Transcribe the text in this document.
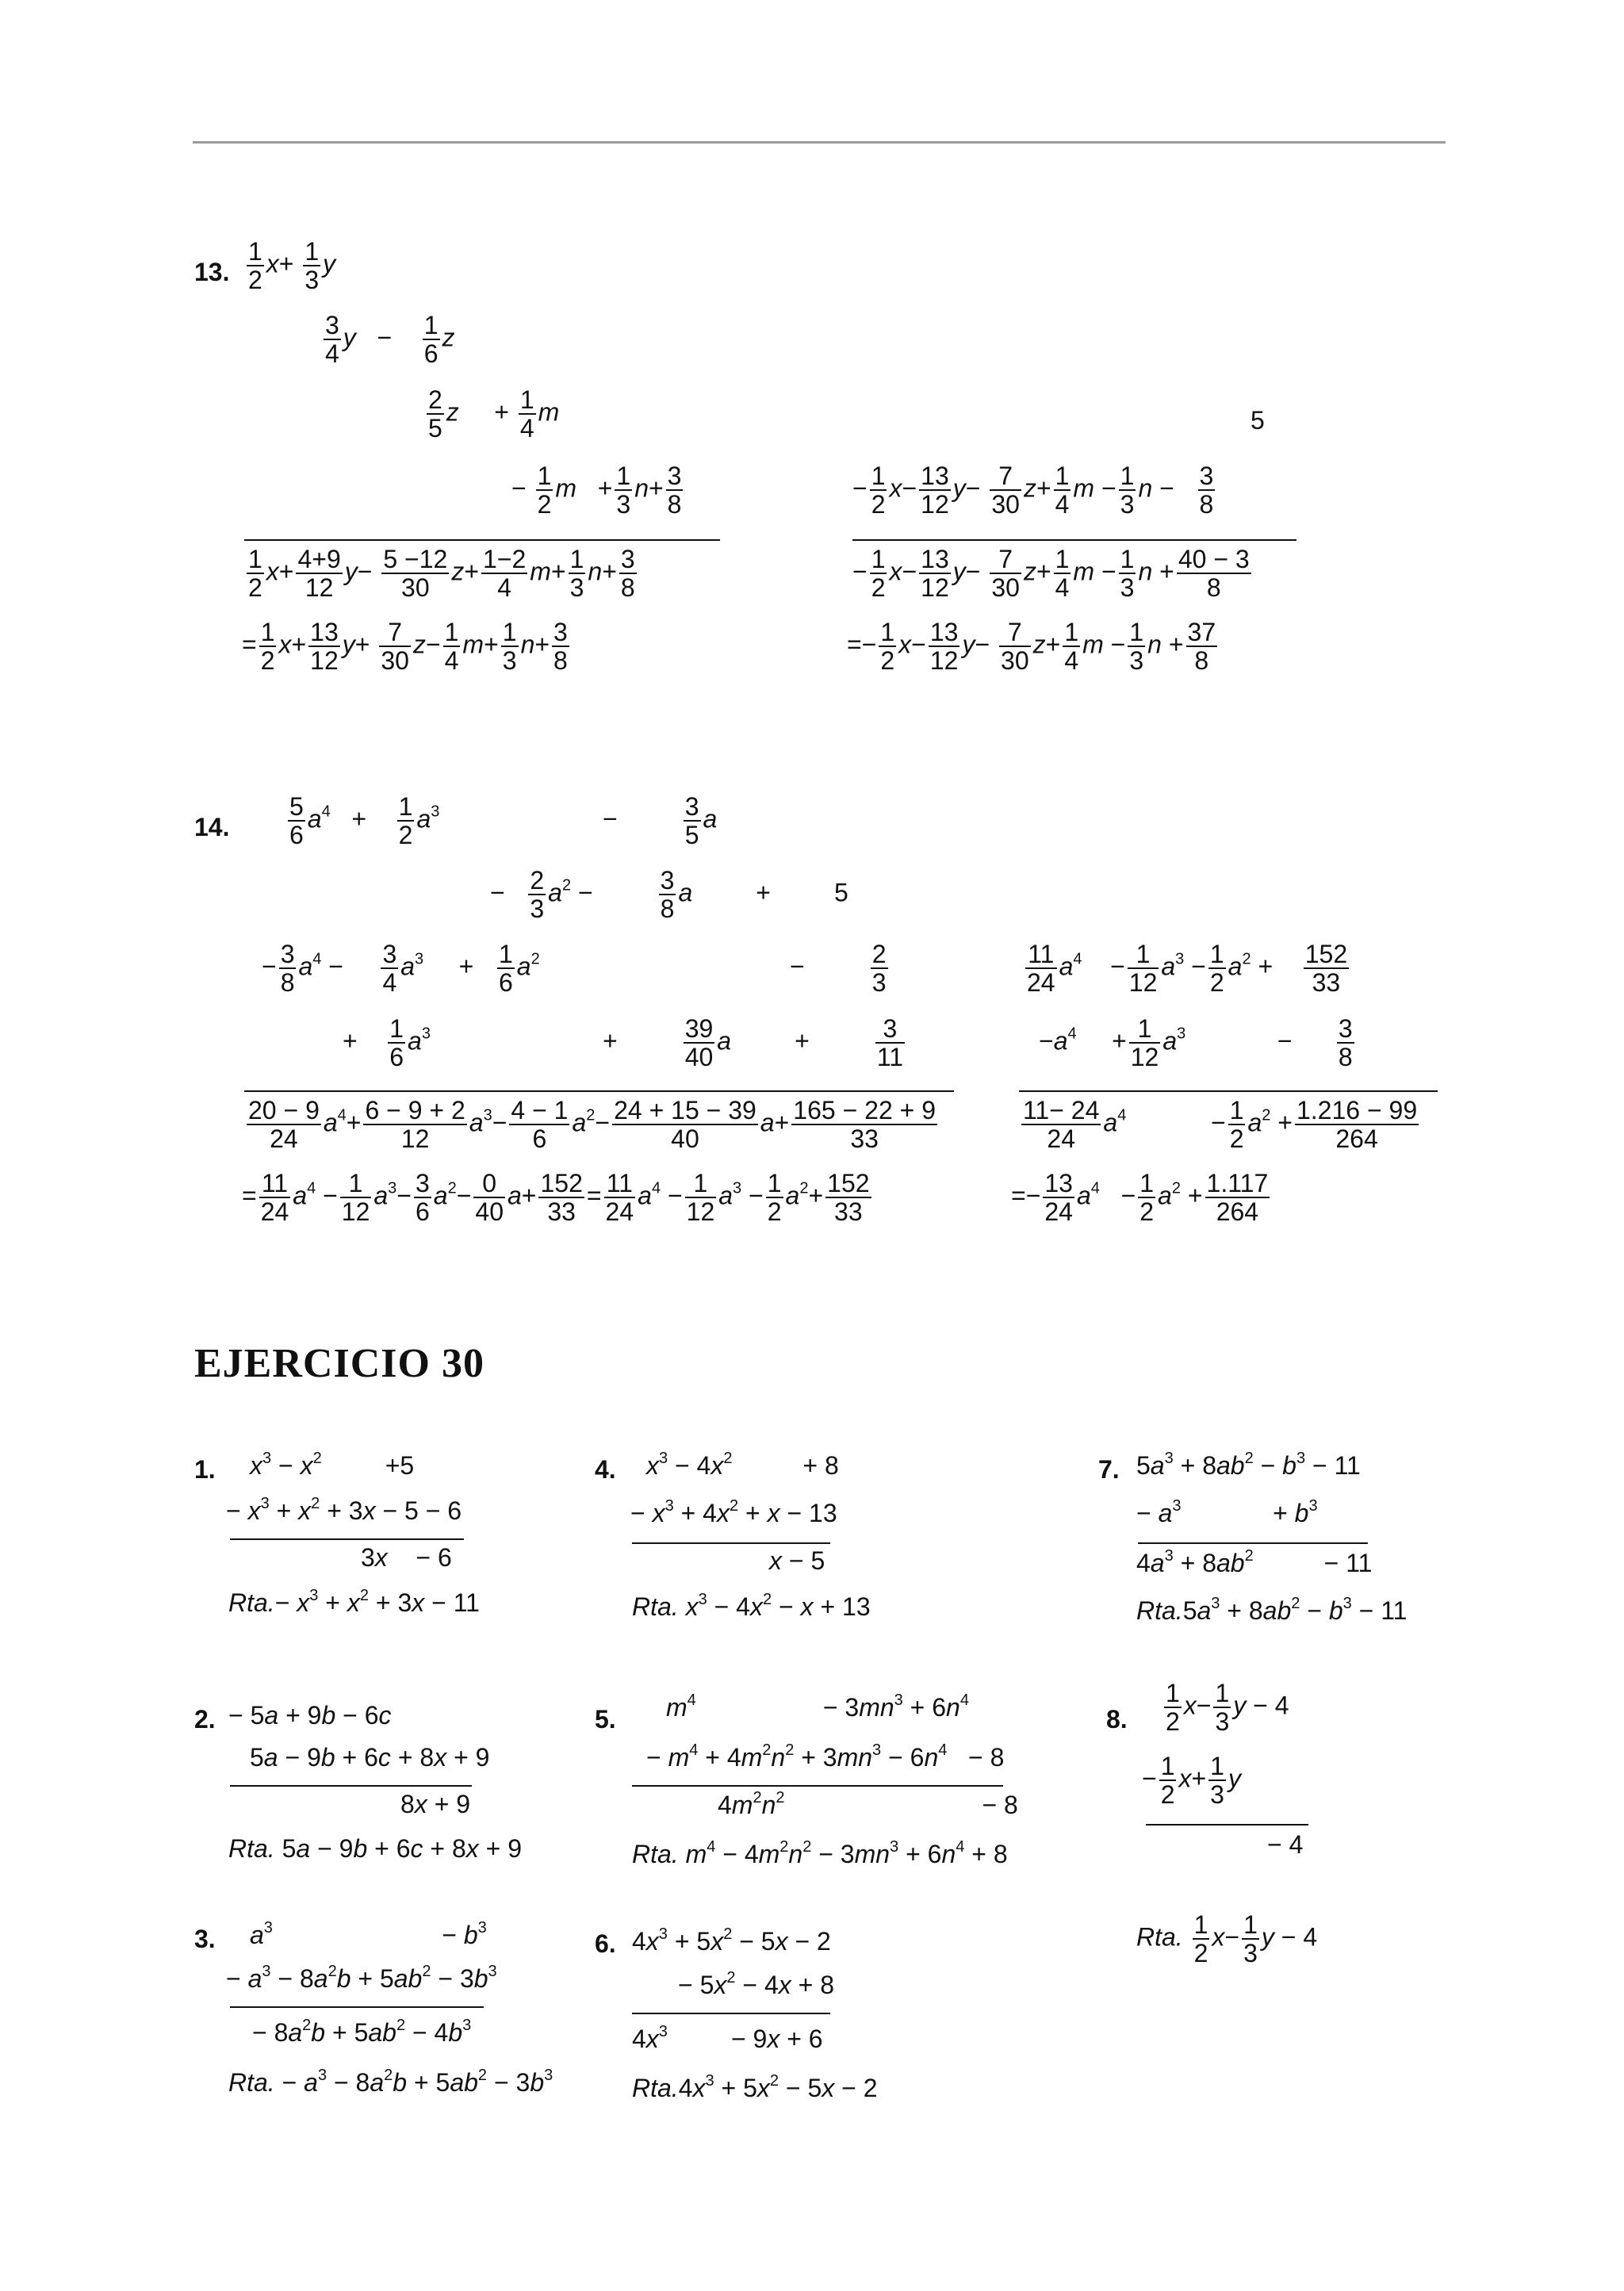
13. $\frac{1}{2} x+ \frac{1}{3}$ y
$\frac{3}{4}$ $y - \frac{1}{6}$ z
$\frac{2}{5}$ z     + $\frac{1}{4}$ m	5
− $\frac{1}{2}$ $m + \frac{1}{3} n+ \frac{3}{8}$	− $\frac{1}{2} x- \frac{13}{12} y- \frac{7}{30} z+ \frac{1}{4}$ $m - \frac{1}{3}$ $n - \frac{3}{8}$
$\frac{1}{2} x+ \frac{4+9}{12} y- \frac{5 -12}{30} z+ \frac{1-2}{4} m+ \frac{1}{3} n+ \frac{3}{8}$	− $\frac{1}{2} x- \frac{13}{12} y- \frac{7}{30} z+ \frac{1}{4}$ $m - \frac{1}{3}$ $n + \frac{40 - 3}{8}$
= $\frac{1}{2} x+ \frac{13}{12} y+ \frac{7}{30} z- \frac{1}{4} m+ \frac{1}{3} n+ \frac{3}{8}$	=− $\frac{1}{2} x- \frac{13}{12} y- \frac{7}{30} z+ \frac{1}{4}$ $m - \frac{1}{3}$ $n + \frac{37}{8}$
14. $\frac{5}{6} a^4 + \frac{1}{2} a^3$	− $\frac{3}{5}$ a
− $\frac{2}{3} a^2 - \frac{3}{8}$ a         +         5
− $\frac{3}{8} a^4 - \frac{3}{4} a^3$     + $\frac{1}{6} a^2$	− $\frac{2}{3}$	$\frac{11}{24} a^4$    − $\frac{1}{12} a^3 - \frac{1}{2} a^2 + \frac{152}{33}$
+ $\frac{1}{6} a^3$	+ $\frac{39}{40}$ a         + $\frac{3}{11}$	$-a^4$     + $\frac{1}{12} a^3$             − $\frac{3}{8}$
$\frac{20 - 9}{24} a^4+ \frac{6 - 9 + 2}{12} a^3- \frac{4 - 1}{6} a^2- \frac{24 + 15 - 39}{40} a+ \frac{165 - 22 + 9}{33}$	$\frac{11- 24}{24} a^4$            − $\frac{1}{2} a^2 + \frac{1.216 - 99}{264}$
= $\frac{11}{24} a^4 - \frac{1}{12} a^3- \frac{3}{6} a^2- \frac{0}{40} a+ \frac{152}{33} = \frac{11}{24} a^4 - \frac{1}{12} a^3 - \frac{1}{2} a^2+ \frac{152}{33}$	=− $\frac{13}{24} a^4 - \frac{1}{2} a^2 + \frac{1.117}{264}$
EJERCICIO 30
1. $x^3 - x^2$         +5
− $x^3 + x^2 + 3x - 5 - 6$
3x    − 6
$Rta.- x^3 + x^2 + 3x - 11$
2. − 5a + 9b − 6c
5a − 9b + 6c + 8x + 9
8x + 9
Rta. 5a − 9b + 6c + 8x + 9
3. $a^3$                        − $b^3$
− $a^3 - 8a^2b + 5ab^2 - 3b^3$
− $8a^2b + 5ab^2 - 4b^3$
Rta. − $a^3 - 8a^2b + 5ab^2 - 3b^3$
4. $x^3 - 4x^2$          + 8
− $x^3 + 4x^2 + x - 13$
x − 5
Rta. $x^3 - 4x^2 - x + 13$
5. $m^4$                  − $3mn^3 + 6n^4$
− $m^4 + 4m^2n^2 + 3mn^3 - 6n^4 - 8$
$4m^2n^2$                            − 8
Rta. $m^4 - 4m^2n^2 - 3mn^3 + 6n^4 + 8$
6. $4x^3 + 5x^2 - 5x - 2$
− $5x^2 - 4x + 8$
$4x^3$         − 9x + 6
$Rta.4x^3 + 5x^2 - 5x - 2$
7. $5a^3 + 8ab^2 - b^3 - 11$
− $a^3$             + $b^3$
$4a^3 + 8ab^2$          − 11
$Rta.5a^3 + 8ab^2 - b^3 - 11$
8. $\frac{1}{2} x- \frac{1}{3}$ y − 4
− $\frac{1}{2} x+ \frac{1}{3}$ y
− 4
Rta. $\frac{1}{2} x- \frac{1}{3}$ y − 4
